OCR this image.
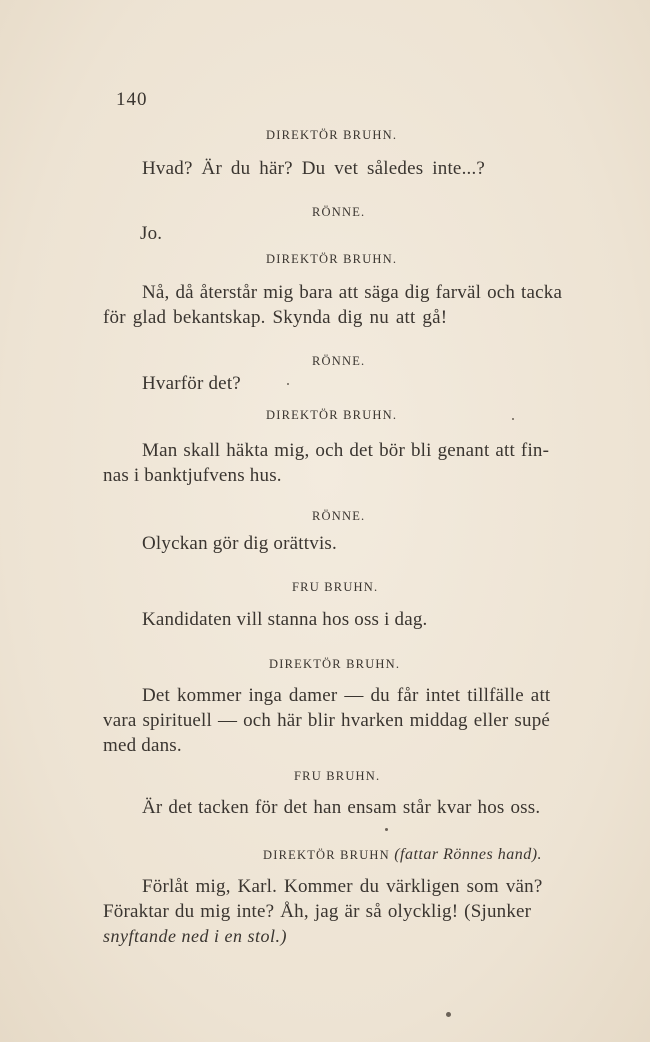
140
DIREKTÖR BRUHN.
Hvad? Är du här? Du vet således inte...?
RÖNNE.
Jo.
DIREKTÖR BRUHN.
Nå, då återstår mig bara att säga dig farväl och tacka
för glad bekantskap. Skynda dig nu att gå!
RÖNNE.
Hvarför det?
DIREKTÖR BRUHN.
Man skall häkta mig, och det bör bli genant att fin-
nas i banktjufvens hus.
RÖNNE.
Olyckan gör dig orättvis.
FRU BRUHN.
Kandidaten vill stanna hos oss i dag.
DIREKTÖR BRUHN.
Det kommer inga damer — du får intet tillfälle att
vara spirituell — och här blir hvarken middag eller supé
med dans.
FRU BRUHN.
Är det tacken för det han ensam står kvar hos oss.
DIREKTÖR BRUHN (fattar Rönnes hand).
Förlåt mig, Karl. Kommer du värkligen som vän?
Föraktar du mig inte? Åh, jag är så olycklig! (Sjunker
snyftande ned i en stol.)
